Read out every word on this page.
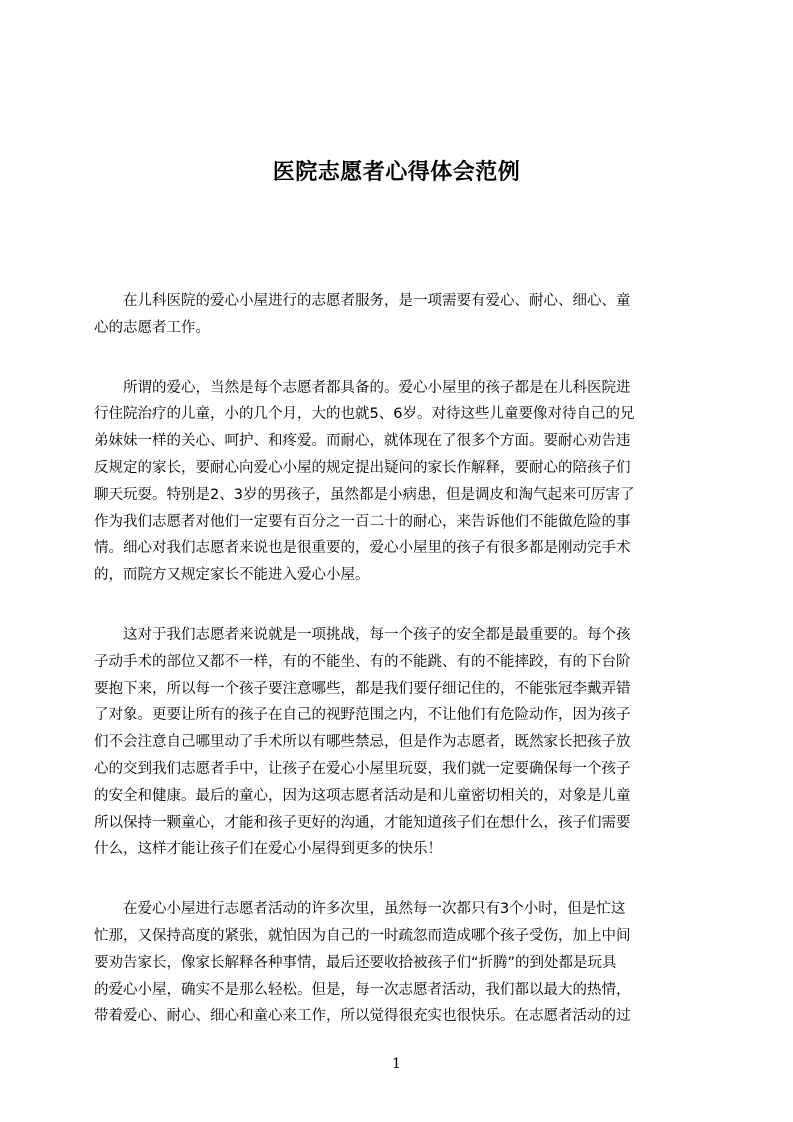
医院志愿者心得体会范例

在儿科医院的爱心小屋进行的志愿者服务，是一项需要有爱心、耐心、细心、童
心的志愿者工作。

所谓的爱心，当然是每个志愿者都具备的。爱心小屋里的孩子都是在儿科医院进
行住院治疗的儿童，小的几个月，大的也就5、6岁。对待这些儿童要像对待自己的兄
弟妹妹一样的关心、呵护、和疼爱。而耐心，就体现在了很多个方面。要耐心劝告违
反规定的家长，要耐心向爱心小屋的规定提出疑问的家长作解释，要耐心的陪孩子们
聊天玩耍。特别是2、3岁的男孩子，虽然都是小病患，但是调皮和淘气起来可厉害了
作为我们志愿者对他们一定要有百分之一百二十的耐心，来告诉他们不能做危险的事
情。细心对我们志愿者来说也是很重要的，爱心小屋里的孩子有很多都是刚动完手术
的，而院方又规定家长不能进入爱心小屋。

这对于我们志愿者来说就是一项挑战，每一个孩子的安全都是最重要的。每个孩
子动手术的部位又都不一样，有的不能坐、有的不能跳、有的不能摔跤，有的下台阶
要抱下来，所以每一个孩子要注意哪些，都是我们要仔细记住的，不能张冠李戴弄错
了对象。更要让所有的孩子在自己的视野范围之内，不让他们有危险动作，因为孩子
们不会注意自己哪里动了手术所以有哪些禁忌，但是作为志愿者，既然家长把孩子放
心的交到我们志愿者手中，让孩子在爱心小屋里玩耍，我们就一定要确保每一个孩子
的安全和健康。最后的童心，因为这项志愿者活动是和儿童密切相关的，对象是儿童
所以保持一颗童心，才能和孩子更好的沟通，才能知道孩子们在想什么，孩子们需要
什么，这样才能让孩子们在爱心小屋得到更多的快乐！

在爱心小屋进行志愿者活动的许多次里，虽然每一次都只有3个小时，但是忙这
忙那，又保持高度的紧张，就怕因为自己的一时疏忽而造成哪个孩子受伤，加上中间
要劝告家长，像家长解释各种事情，最后还要收拾被孩子们“折腾”的到处都是玩具
的爱心小屋，确实不是那么轻松。但是，每一次志愿者活动，我们都以最大的热情，
带着爱心、耐心、细心和童心来工作，所以觉得很充实也很快乐。在志愿者活动的过

1
